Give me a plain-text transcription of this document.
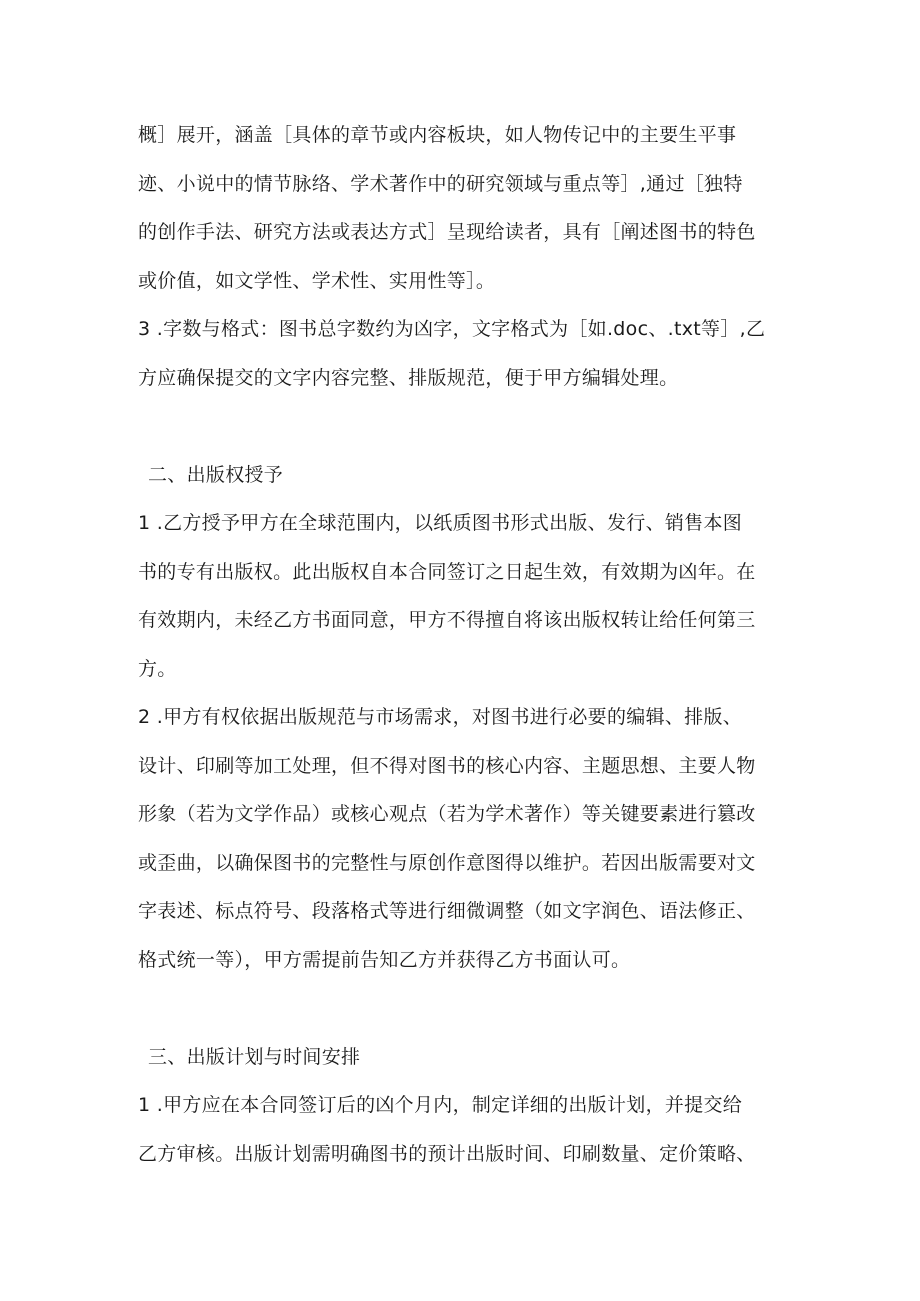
概］展开，涵盖［具体的章节或内容板块，如人物传记中的主要生平事
迹、小说中的情节脉络、学术著作中的研究领域与重点等］,通过［独特
的创作手法、研究方法或表达方式］呈现给读者，具有［阐述图书的特色
或价值，如文学性、学术性、实用性等］。
3 .字数与格式：图书总字数约为凶字，文字格式为［如.doc、.txt等］,乙
方应确保提交的文字内容完整、排版规范，便于甲方编辑处理。
二、出版权授予
1 .乙方授予甲方在全球范围内，以纸质图书形式出版、发行、销售本图
书的专有出版权。此出版权自本合同签订之日起生效，有效期为凶年。在
有效期内，未经乙方书面同意，甲方不得擅自将该出版权转让给任何第三
方。
2 .甲方有权依据出版规范与市场需求，对图书进行必要的编辑、排版、
设计、印刷等加工处理，但不得对图书的核心内容、主题思想、主要人物
形象（若为文学作品）或核心观点（若为学术著作）等关键要素进行篡改
或歪曲，以确保图书的完整性与原创作意图得以维护。若因出版需要对文
字表述、标点符号、段落格式等进行细微调整（如文字润色、语法修正、
格式统一等），甲方需提前告知乙方并获得乙方书面认可。
三、出版计划与时间安排
1 .甲方应在本合同签订后的凶个月内，制定详细的出版计划，并提交给
乙方审核。出版计划需明确图书的预计出版时间、印刷数量、定价策略、
